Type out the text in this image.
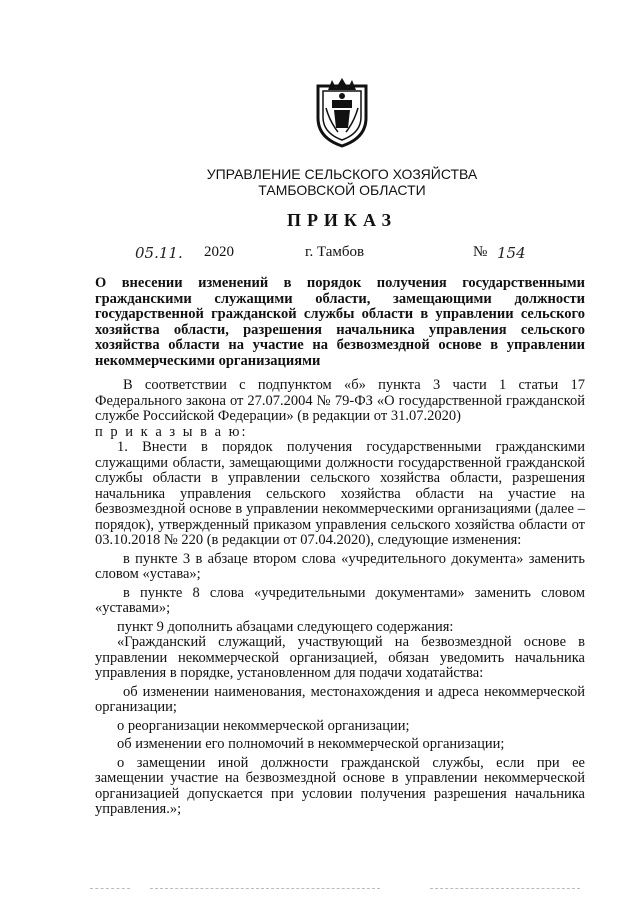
УПРАВЛЕНИЕ СЕЛЬСКОГО ХОЗЯЙСТВА
ТАМБОВСКОЙ ОБЛАСТИ
ПРИКАЗ
05.11. 2020	г. Тамбов	№ 154
О внесении изменений в порядок получения государственными гражданскими служащими области, замещающими должности государственной гражданской службы области в управлении сельского хозяйства области, разрешения начальника управления сельского хозяйства области на участие на безвозмездной основе в управлении некоммерческими организациями

В соответствии с подпунктом «б» пункта 3 части 1 статьи 17 Федерального закона от 27.07.2004 № 79-ФЗ «О государственной гражданской службе Российской Федерации» (в редакции от 31.07.2020)

п р и к а з ы в а ю:

1. Внести в порядок получения государственными гражданскими служащими области, замещающими должности государственной гражданской службы области в управлении сельского хозяйства области, разрешения начальника управления сельского хозяйства области на участие на безвозмездной основе в управлении некоммерческими организациями (далее – порядок), утвержденный приказом управления сельского хозяйства области от 03.10.2018 № 220 (в редакции от 07.04.2020), следующие изменения:

в пункте 3 в абзаце втором слова «учредительного документа» заменить словом «устава»;

в пункте 8 слова «учредительными документами» заменить словом «уставами»;

пункт 9 дополнить абзацами следующего содержания:

«Гражданский служащий, участвующий на безвозмездной основе в управлении некоммерческой организацией, обязан уведомить начальника управления в порядке, установленном для подачи ходатайства:

об изменении наименования, местонахождения и адреса некоммерческой организации;

о реорганизации некоммерческой организации;

об изменении его полномочий в некоммерческой организации;

о замещении иной должности гражданской службы, если при ее замещении участие на безвозмездной основе в управлении некоммерческой организацией допускается при условии получения разрешения начальника управления.»;
